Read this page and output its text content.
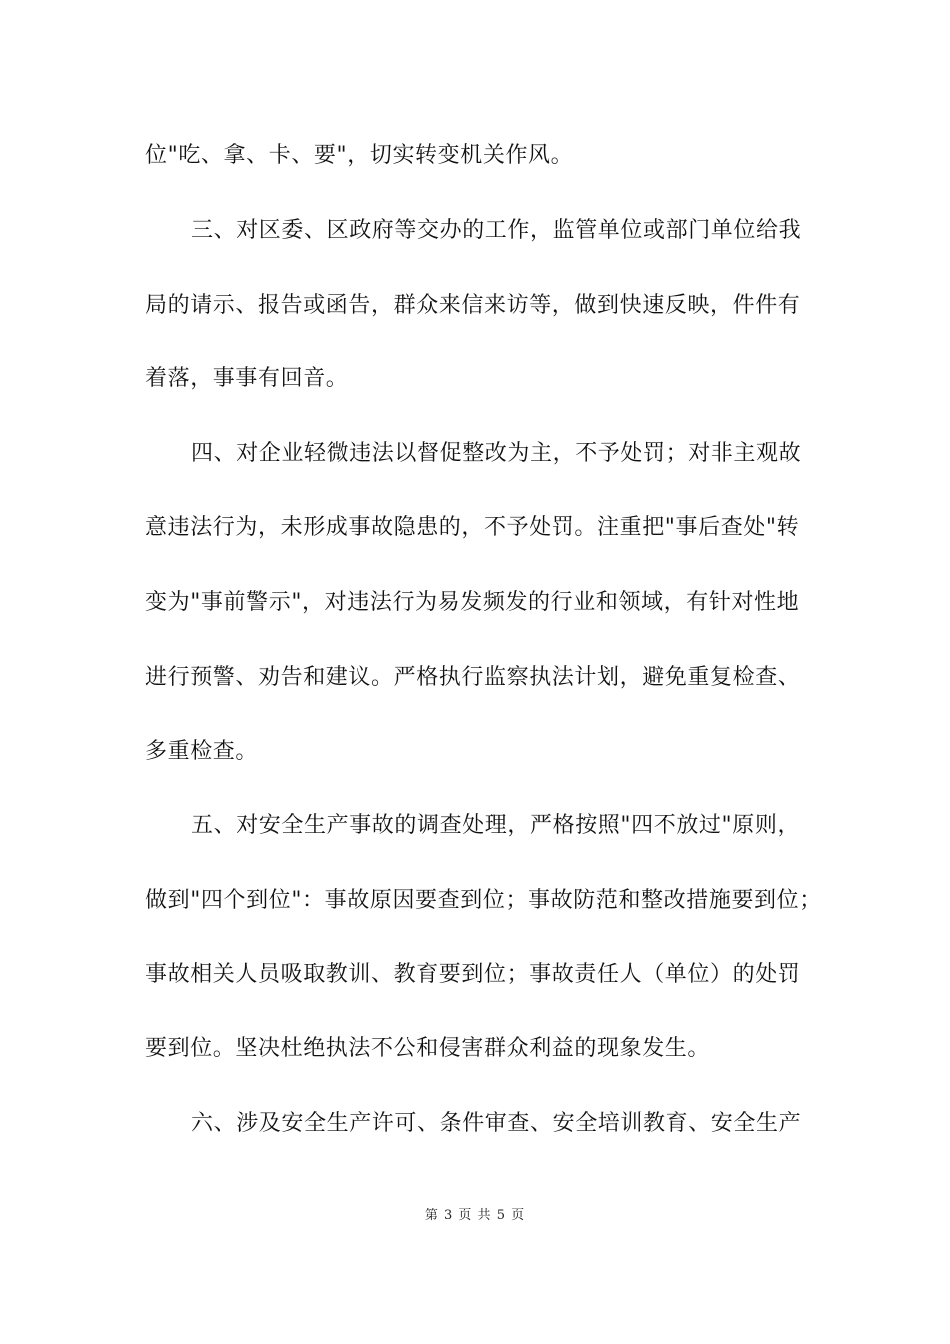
位"吃、拿、卡、要"，切实转变机关作风。
三、对区委、区政府等交办的工作，监管单位或部门单位给我
局的请示、报告或函告，群众来信来访等，做到快速反映，件件有
着落，事事有回音。
四、对企业轻微违法以督促整改为主，不予处罚；对非主观故
意违法行为，未形成事故隐患的，不予处罚。注重把"事后查处"转
变为"事前警示"，对违法行为易发频发的行业和领域，有针对性地
进行预警、劝告和建议。严格执行监察执法计划，避免重复检查、
多重检查。
五、对安全生产事故的调查处理，严格按照"四不放过"原则，
做到"四个到位"：事故原因要查到位；事故防范和整改措施要到位；
事故相关人员吸取教训、教育要到位；事故责任人（单位）的处罚
要到位。坚决杜绝执法不公和侵害群众利益的现象发生。
六、涉及安全生产许可、条件审查、安全培训教育、安全生产
第 3 页 共 5 页
